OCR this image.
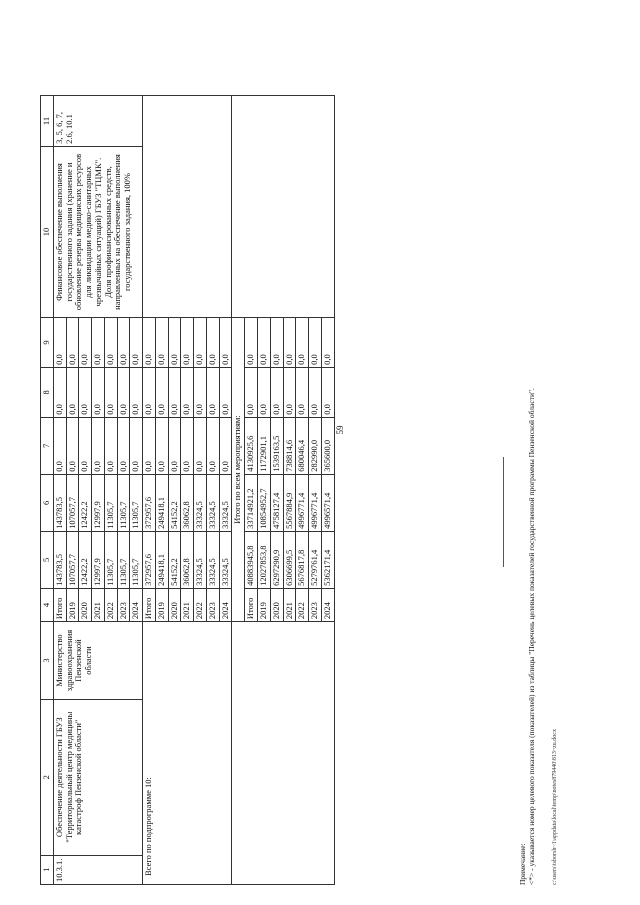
59
1	2	3	4	5	6	7	8	9	10	11
10.3.1.	Обеспечение деятельности ГБУЗ "Территориальный центр медицины катастроф Пензенской области"	Министерство здравоохранения Пензенской области	Итого	143783,5	143783,5	0,0	0,0	0,0	Финансовое обеспечение выполнения государственного задания (хранение и обновление резерва медицинских ресурсов для ликвидации медико-санитарных чрезвычайных ситуаций) ГБУЗ "ТЦМК". Доля профинансированных средств, направленных на обеспечение выполнения государственного задания, 100%	3, 5, 6, 7, 2.6, 10.1
			2019	107057,7	107057,7	0,0	0,0	0,0		
			2020	12422,2	12422,2	0,0	0,0	0,0		
			2021	12997,9	12997,9	0,0	0,0	0,0		
			2022	11305,7	11305,7	0,0	0,0	0,0		
			2023	11305,7	11305,7	0,0	0,0	0,0		
			2024	11305,7	11305,7	0,0	0,0	0,0		
Всего по подпрограмме 10:			Итого	372957,6	372957,6	0,0	0,0	0,0		
			2019	249418,1	249418,1	0,0	0,0	0,0		
			2020	54152,2	54152,2	0,0	0,0	0,0		
			2021	36062,8	36062,8	0,0	0,0	0,0		
			2022	33324,5	33324,5	0,0	0,0	0,0		
			2023	33324,5	33324,5	0,0	0,0	0,0		
			2024	33324,5	33324,5	0,0	0,0	0,0		
			Итого по всем мероприятиям:							
			Итого	40883945,8	33714921,2	4130925,6	0,0	0,0		
			2019	12027853,8	10854952,7	1172901,1	0,0	0,0		
			2020	6297290,9	4758127,4	1539163,5	0,0	0,0		
			2021	6306699,5	5567884,9	738814,6	0,0	0,0		
			2022	5676817,8	4996771,4	680046,4	0,0	0,0		
			2023	5279761,4	4996771,4	282990,0	0,0	0,0		
			2024	5362171,4	4996571,4	365600,0	0,0	0,0		
Примечание: <*> - указывается номер целевого показателя (показателей) из таблицы "Перечень целевых показателей государственной программы Пензенской области".	c:\users\tsborsh~1\appdata\local\temp\notes879440\813~zu.docx
